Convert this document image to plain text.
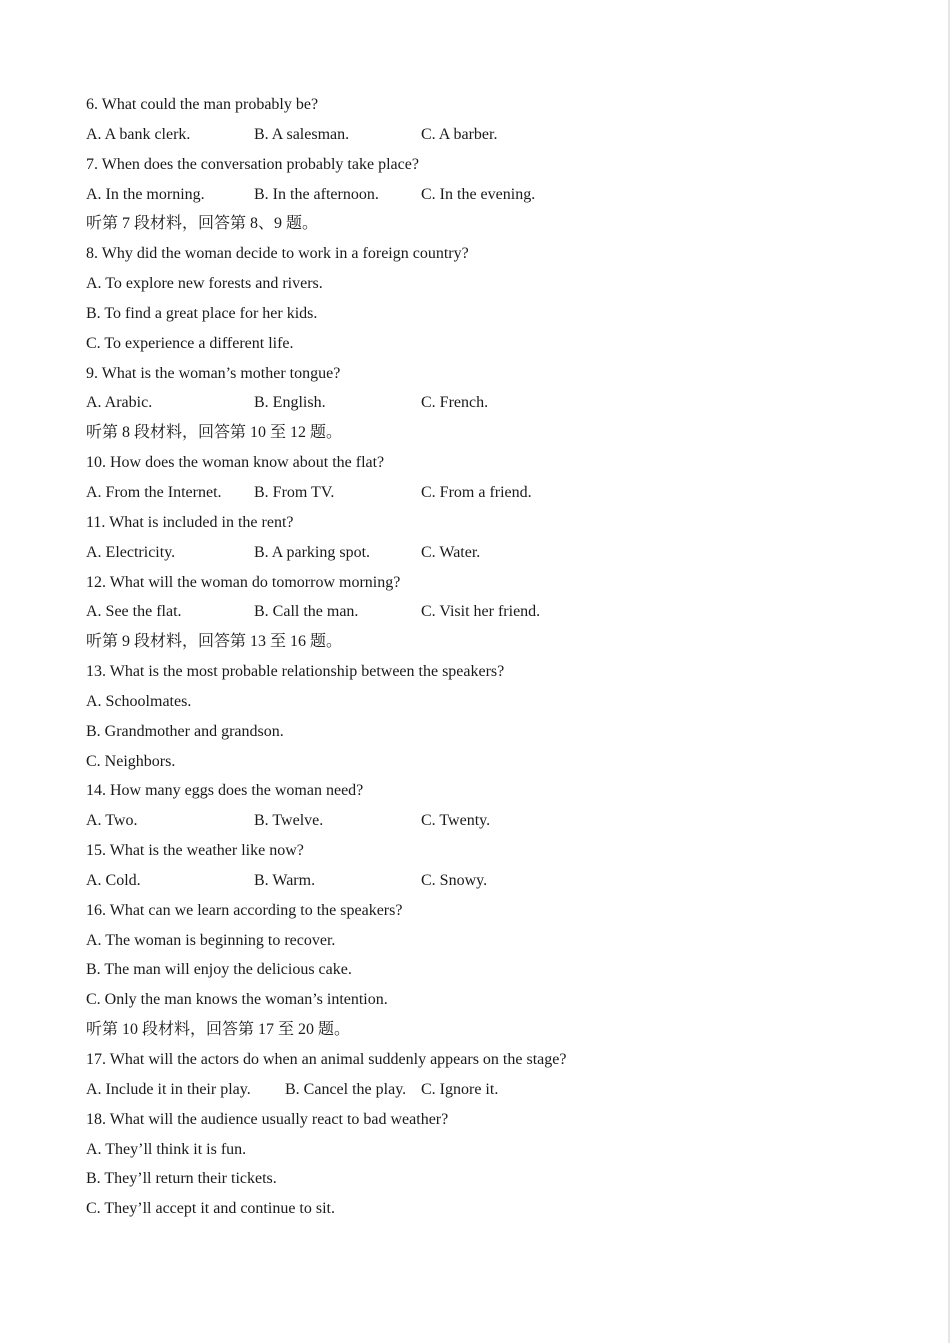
6. What could the man probably be?
A. A bank clerk.	B. A salesman.	C. A barber.
7. When does the conversation probably take place?
A. In the morning.	B. In the afternoon.	C. In the evening.
听第 7 段材料，回答第 8、9 题。
8. Why did the woman decide to work in a foreign country?
A. To explore new forests and rivers.
B. To find a great place for her kids.
C. To experience a different life.
9. What is the woman’s mother tongue?
A. Arabic.	B. English.	C. French.
听第 8 段材料，回答第 10 至 12 题。
10. How does the woman know about the flat?
A. From the Internet. B. From TV.	C. From a friend.
11. What is included in the rent?
A. Electricity.	B. A parking spot.	C. Water.
12. What will the woman do tomorrow morning?
A. See the flat.	B. Call the man.	C. Visit her friend.
听第 9 段材料，回答第 13 至 16 题。
13. What is the most probable relationship between the speakers?
A. Schoolmates.
B. Grandmother and grandson.
C. Neighbors.
14. How many eggs does the woman need?
A. Two.	B. Twelve.	C. Twenty.
15. What is the weather like now?
A. Cold.	B. Warm.	C. Snowy.
16. What can we learn according to the speakers?
A. The woman is beginning to recover.
B. The man will enjoy the delicious cake.
C. Only the man knows the woman’s intention.
听第 10 段材料，回答第 17 至 20 题。
17. What will the actors do when an animal suddenly appears on the stage?
A. Include it in their play. B. Cancel the play. C. Ignore it.
18. What will the audience usually react to bad weather?
A. They’ll think it is fun.
B. They’ll return their tickets.
C. They’ll accept it and continue to sit.
